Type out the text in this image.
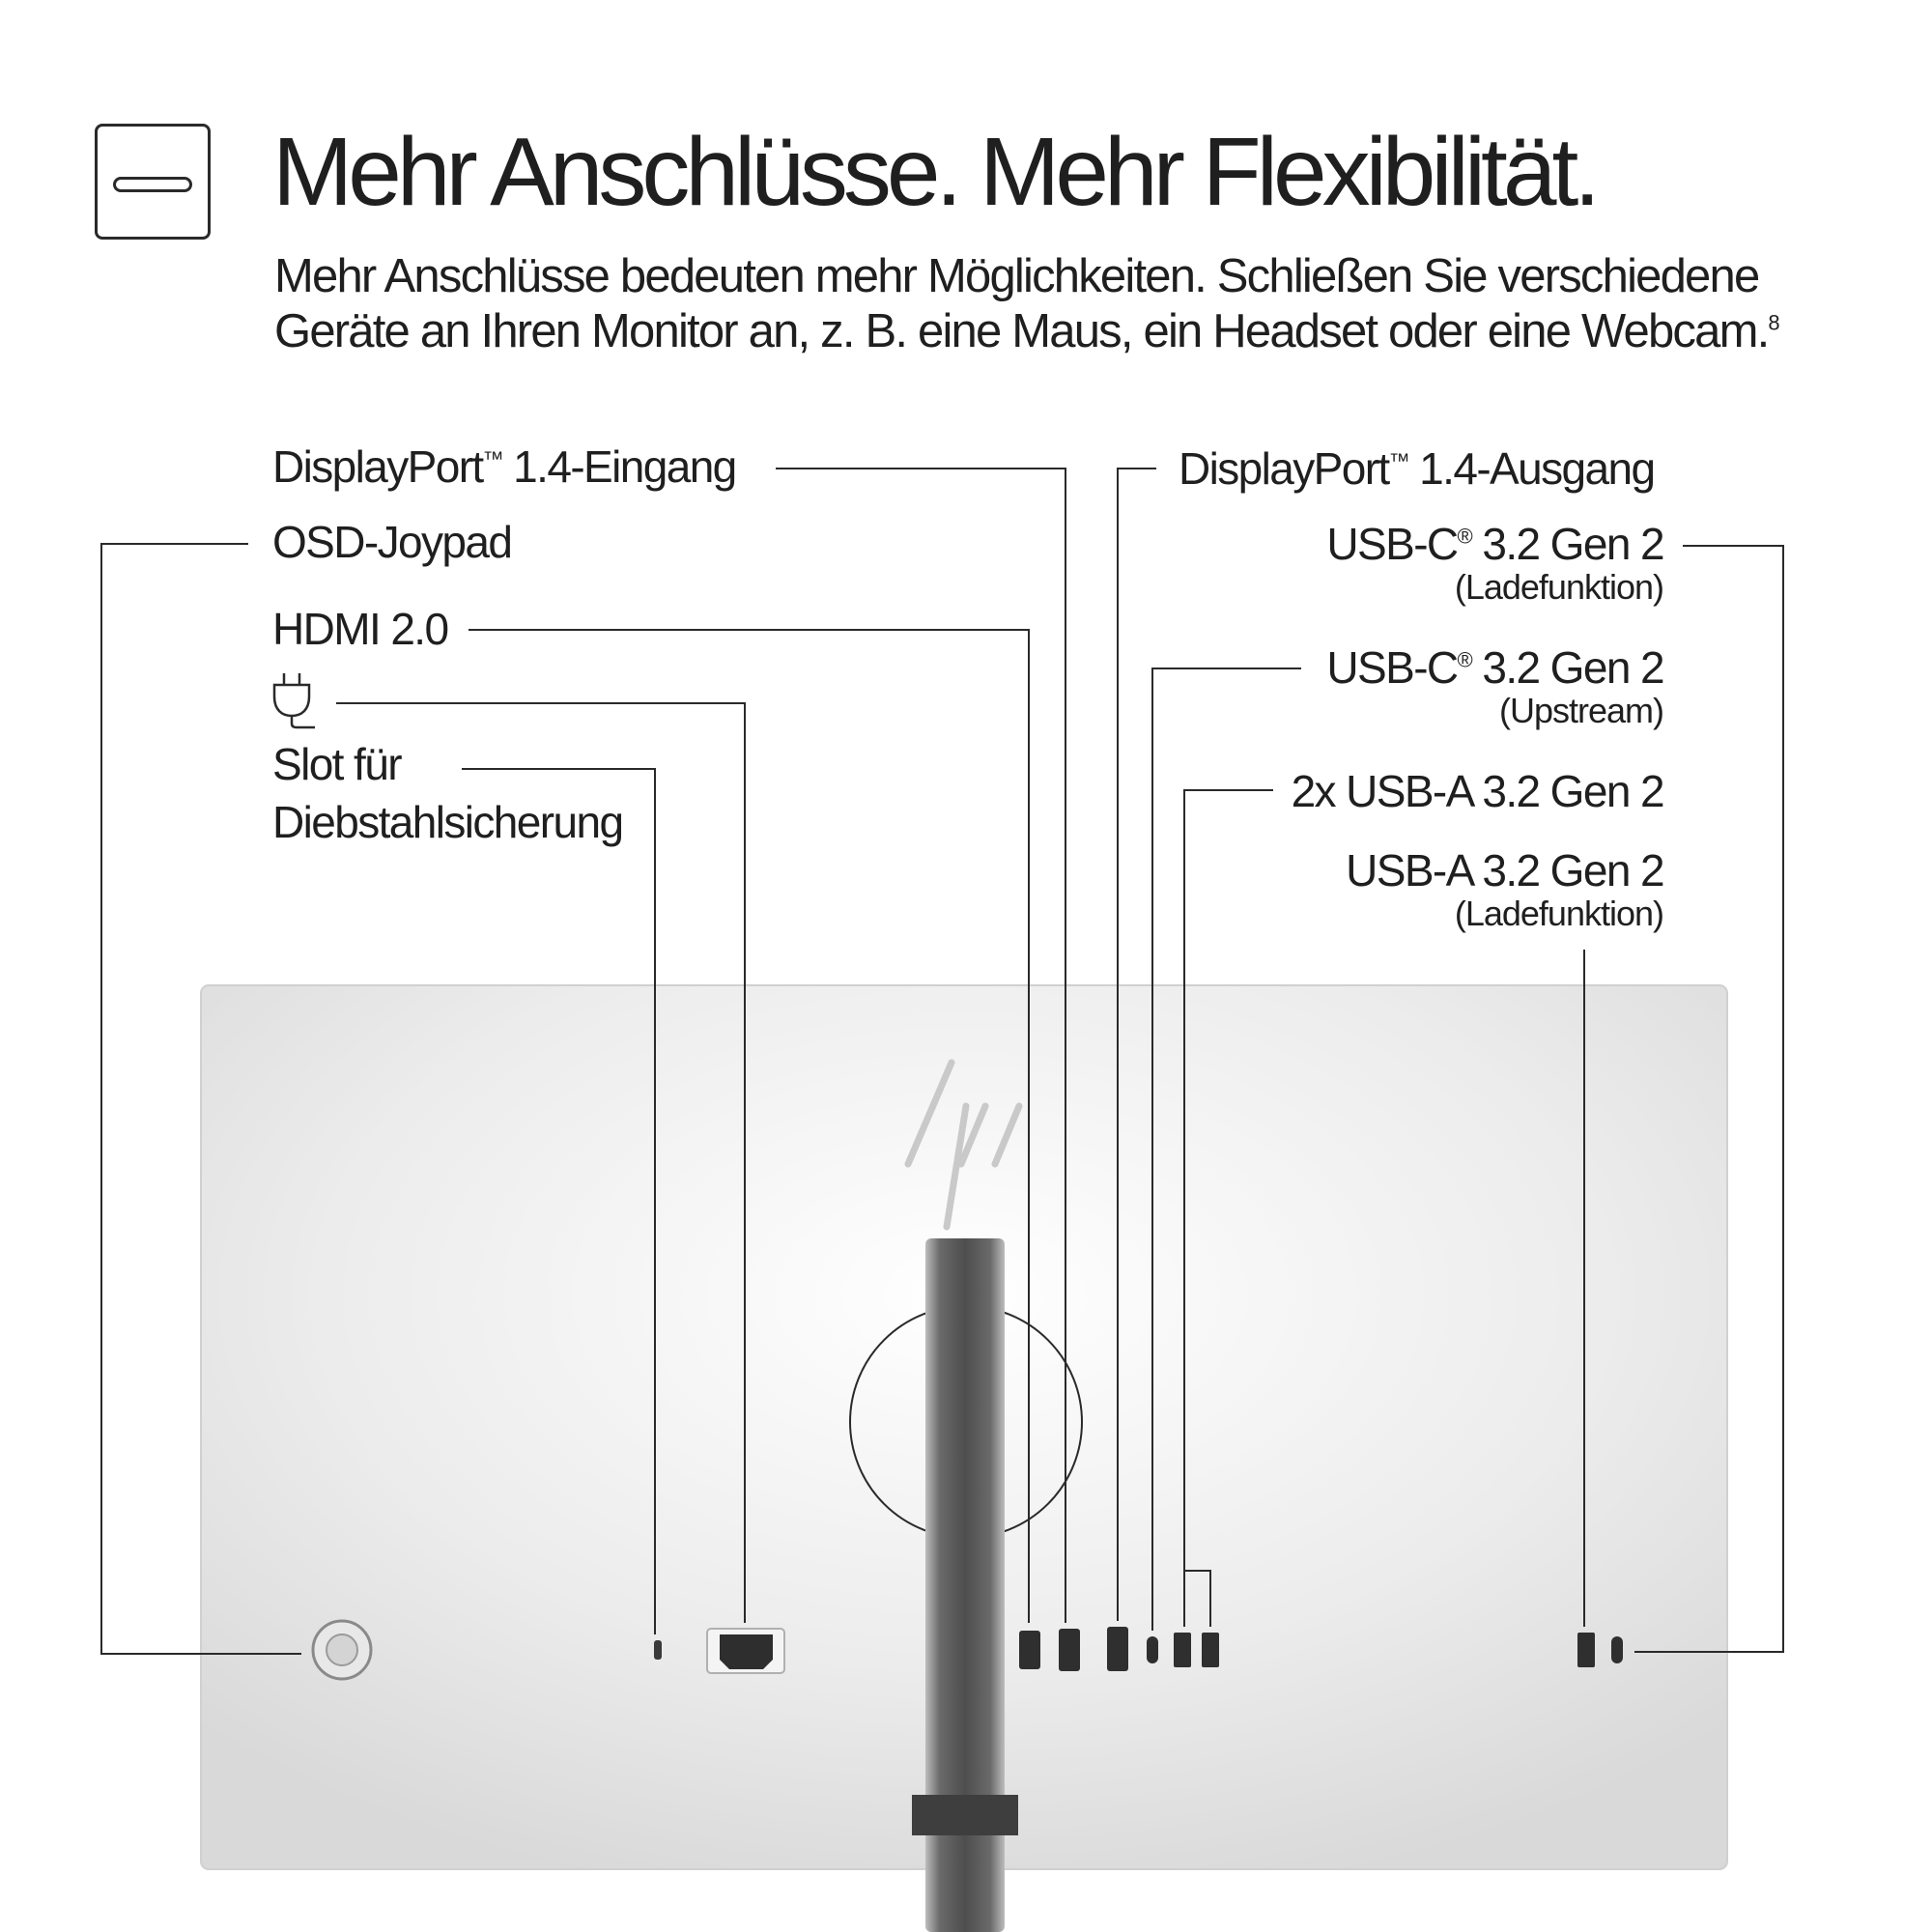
Mehr Anschlüsse. Mehr Flexibilität.
Mehr Anschlüsse bedeuten mehr Möglichkeiten. Schließen Sie verschiedene Geräte an Ihren Monitor an, z. B. eine Maus, ein Headset oder eine Webcam.$^8$
DisplayPort™ 1.4-Eingang
OSD-Joypad
HDMI 2.0
Slot für
Diebstahlsicherung
DisplayPort™ 1.4-Ausgang
USB-C® 3.2 Gen 2
(Ladefunktion)
USB-C® 3.2 Gen 2
(Upstream)
2x USB-A 3.2 Gen 2
USB-A 3.2 Gen 2
(Ladefunktion)
